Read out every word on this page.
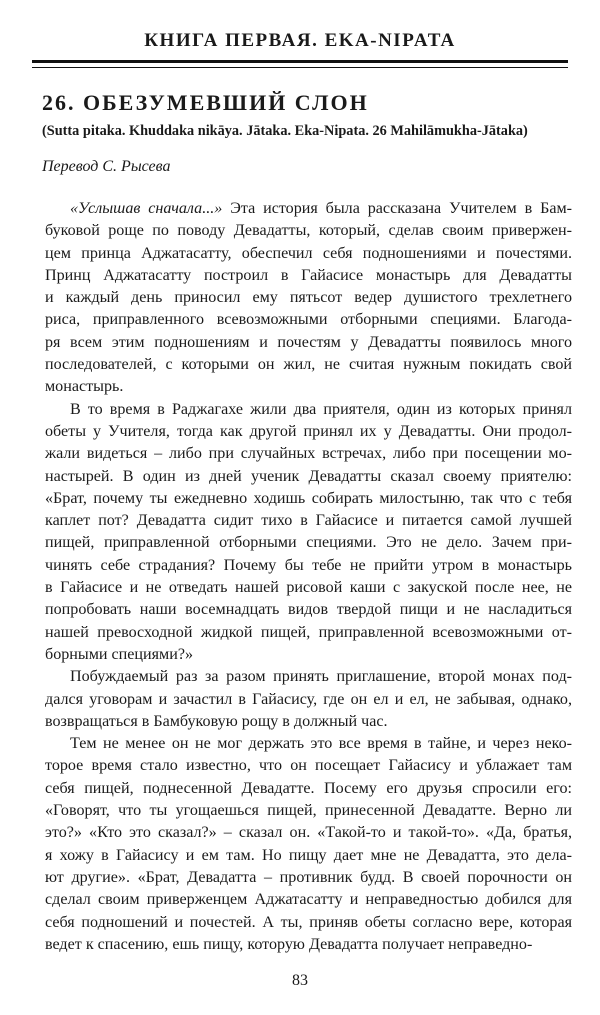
КНИГА ПЕРВАЯ. EKA-NIPATA
26. ОБЕЗУМЕВШИЙ СЛОН
(Sutta pitaka. Khuddaka nikāya. Jātaka. Eka-Nipata. 26 Mahilāmukha-Jātaka)
Перевод С. Рысева
«Услышав сначала...» Эта история была рассказана Учителем в Бам-
буковой роще по поводу Девадатты, который, сделав своим привержен-
цем принца Аджатасатту, обеспечил себя подношениями и почестями.
Принц Аджатасатту построил в Гайасисе монастырь для Девадатты
и каждый день приносил ему пятьсот ведер душистого трехлетнего
риса, приправленного всевозможными отборными специями. Благода-
ря всем этим подношениям и почестям у Девадатты появилось много
последователей, с которыми он жил, не считая нужным покидать свой
монастырь.
В то время в Раджагахе жили два приятеля, один из которых принял
обеты у Учителя, тогда как другой принял их у Девадатты. Они продол-
жали видеться – либо при случайных встречах, либо при посещении мо-
настырей. В один из дней ученик Девадатты сказал своему приятелю:
«Брат, почему ты ежедневно ходишь собирать милостыню, так что с тебя
каплет пот? Девадатта сидит тихо в Гайасисе и питается самой лучшей
пищей, приправленной отборными специями. Это не дело. Зачем при-
чинять себе страдания? Почему бы тебе не прийти утром в монастырь
в Гайасисе и не отведать нашей рисовой каши с закуской после нее, не
попробовать наши восемнадцать видов твердой пищи и не насладиться
нашей превосходной жидкой пищей, приправленной всевозможными от-
борными специями?»
Побуждаемый раз за разом принять приглашение, второй монах под-
дался уговорам и зачастил в Гайасису, где он ел и ел, не забывая, однако,
возвращаться в Бамбуковую рощу в должный час.
Тем не менее он не мог держать это все время в тайне, и через неко-
торое время стало известно, что он посещает Гайасису и ублажает там
себя пищей, поднесенной Девадатте. Посему его друзья спросили его:
«Говорят, что ты угощаешься пищей, принесенной Девадатте. Верно ли
это?» «Кто это сказал?» – сказал он. «Такой-то и такой-то». «Да, братья,
я хожу в Гайасису и ем там. Но пищу дает мне не Девадатта, это делa-
ют другие». «Брат, Девадатта – противник будд. В своей порочности он
сделал своим приверженцем Аджатасатту и неправедностью добился для
себя подношений и почестей. А ты, приняв обеты согласно вере, которая
ведет к спасению, ешь пищу, которую Девадатта получает неправедно-
83
